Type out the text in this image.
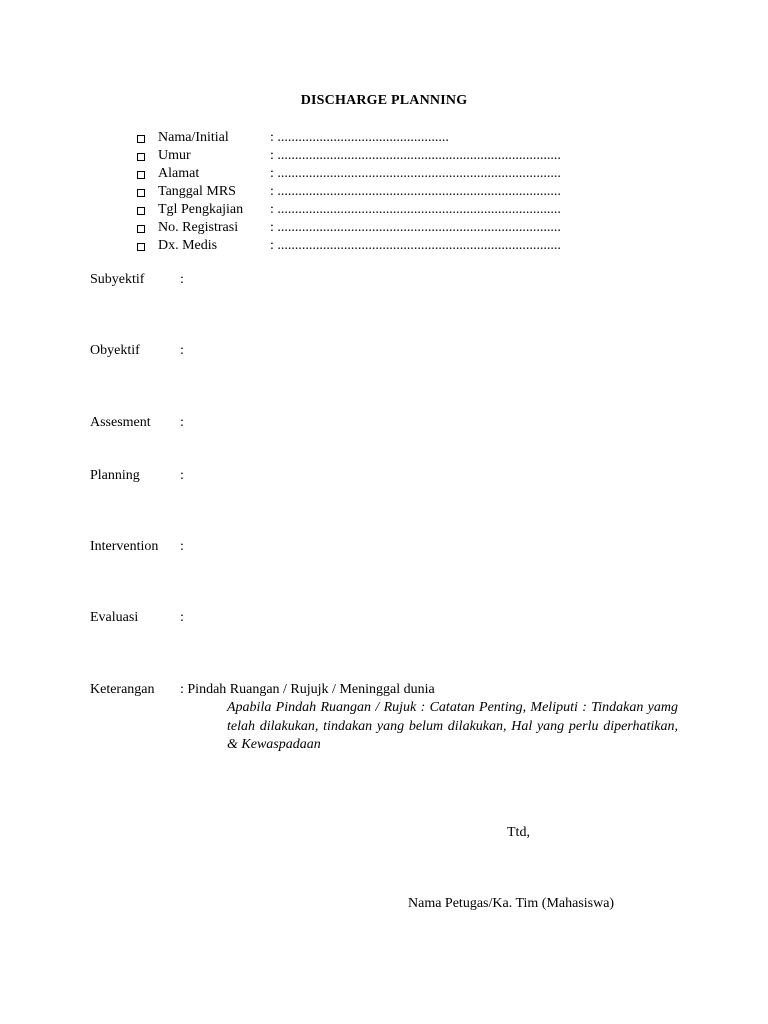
DISCHARGE PLANNING
Nama/Initial	: .................................................
Umur	: .................................................................................
Alamat	: .................................................................................
Tanggal MRS : .................................................................................
Tgl Pengkajian : .................................................................................
No. Registrasi : .................................................................................
Dx. Medis	: .................................................................................
Subyektif	:
Obyektif	:
Assesment :
Planning	:
Intervention :
Evaluasi	:
Keterangan : Pindah Ruangan / Rujujk / Meninggal dunia
Apabila Pindah Ruangan / Rujuk : Catatan Penting, Meliputi : Tindakan yamg telah dilakukan, tindakan yang belum dilakukan, Hal yang perlu diperhatikan, & Kewaspadaan
Ttd,
Nama Petugas/Ka. Tim (Mahasiswa)
